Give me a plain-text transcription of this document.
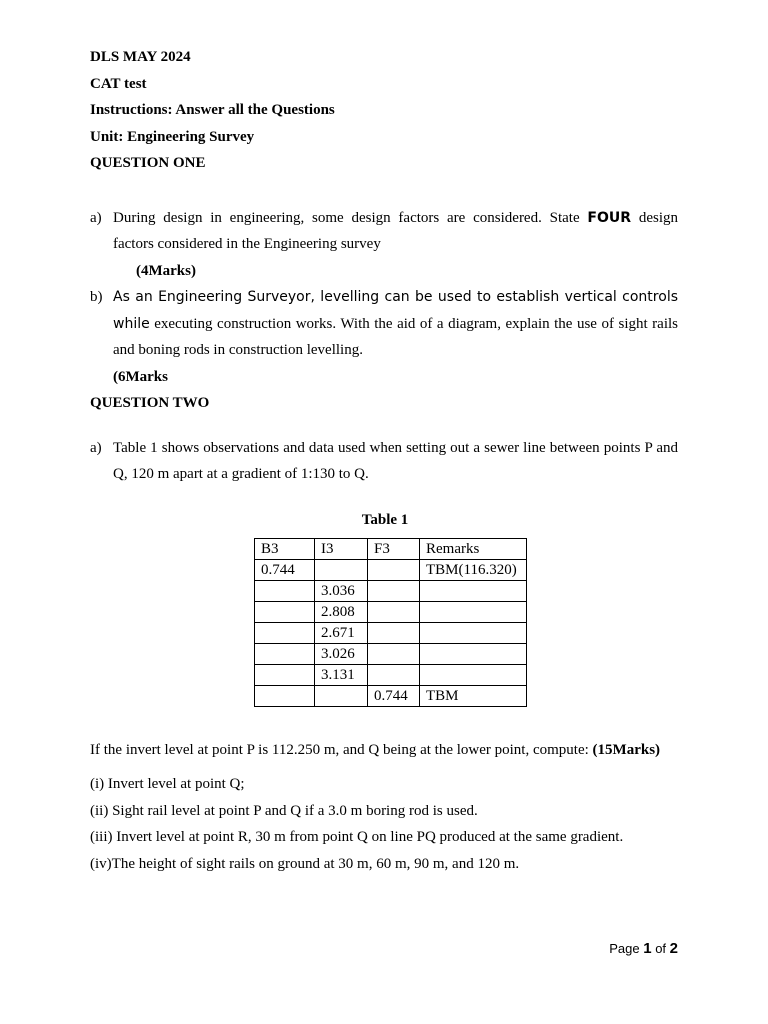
DLS MAY 2024

CAT test

Instructions: Answer all the Questions

Unit: Engineering Survey

QUESTION ONE

a) During design in engineering, some design factors are considered. State FOUR design factors considered in the Engineering survey
(4Marks)
b) As an Engineering Surveyor, levelling can be used to establish vertical controls while executing construction works. With the aid of a diagram, explain the use of sight rails and boning rods in construction levelling.
(6Marks

QUESTION TWO

a) Table 1 shows observations and data used when setting out a sewer line between points P and Q, 120 m apart at a gradient of 1:130 to Q.
Table 1
B3	I3	F3	Remarks
0.744			TBM(116.320)
	3.036		
	2.808		
	2.671		
	3.026		
	3.131		
		0.744	TBM

If the invert level at point P is 112.250 m, and Q being at the lower point, compute: (15Marks)

(i) Invert level at point Q;

(ii) Sight rail level at point P and Q if a 3.0 m boring rod is used.

(iii) Invert level at point R, 30 m from point Q on line PQ produced at the same gradient.

(iv)The height of sight rails on ground at 30 m, 60 m, 90 m, and 120 m.

Page 1 of 2
